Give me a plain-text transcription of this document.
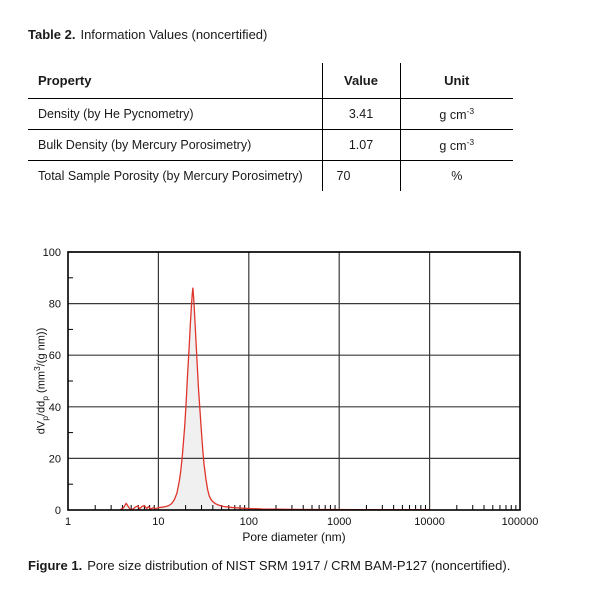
Table 2. Information Values (noncertified)
Property	Value	Unit
Density (by He Pycnometry)	3.41	g $cm^{-3}$
Bulk Density (by Mercury Porosimetry)	1.07	g $cm^{-3}$
Total Sample Porosity (by Mercury Porosimetry)	70	%
$dV_p/dd_p$ ($mm^3/(g$ nm))
0
20
40
60
80
100
1	10	100	1000	10000	100000
Pore diameter (nm)
Figure 1. Pore size distribution of NIST SRM 1917 / CRM BAM-P127 (noncertified).
